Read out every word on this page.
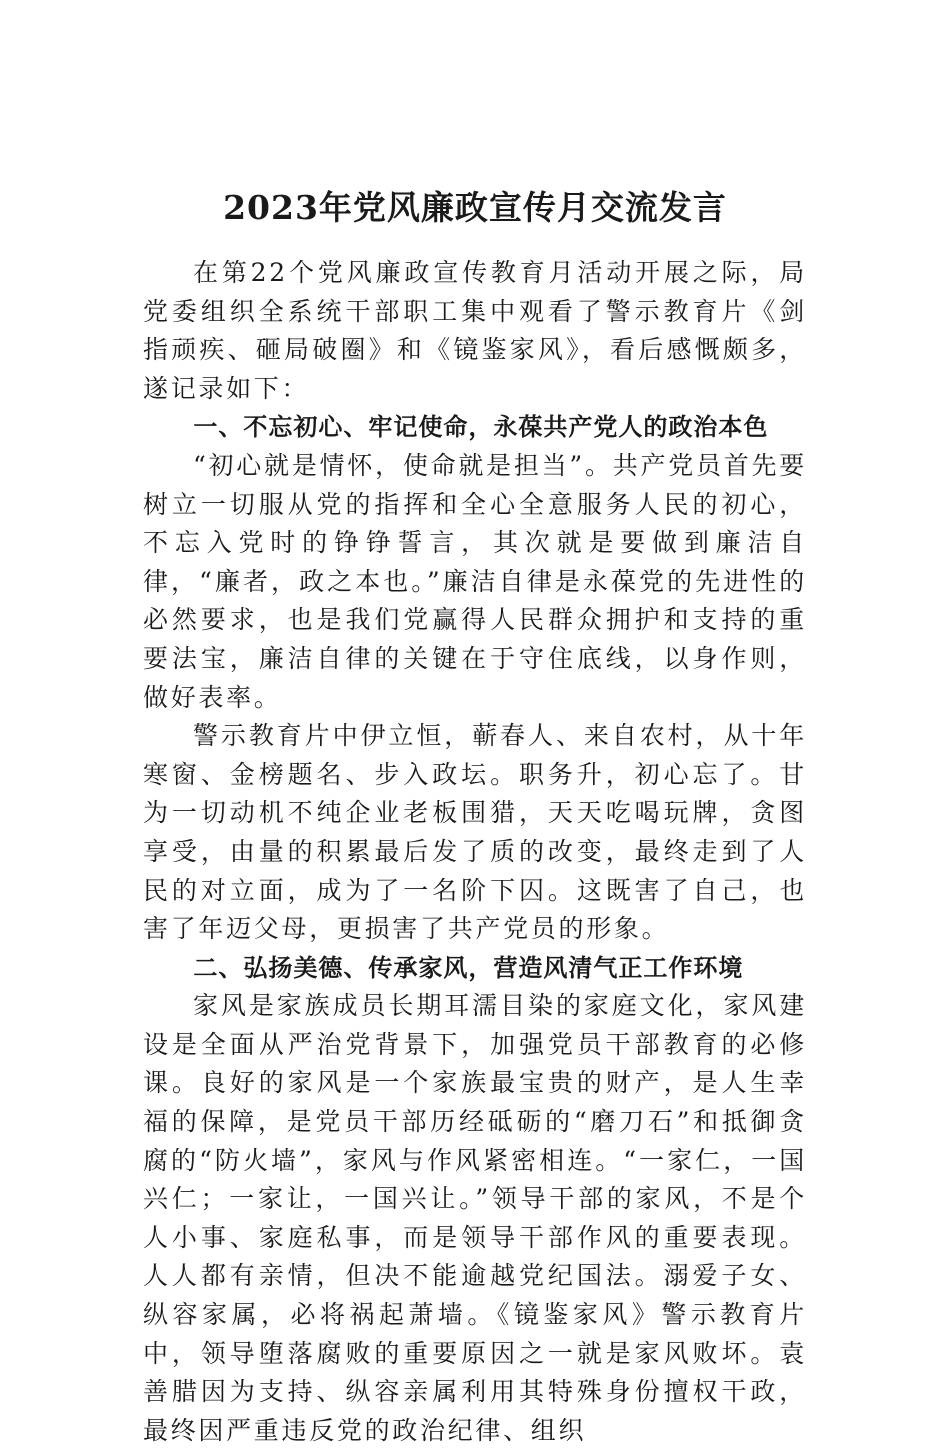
2023年党风廉政宣传月交流发言

在第22个党风廉政宣传教育月活动开展之际，局党委组织全系统干部职工集中观看了警示教育片《剑指顽疾、砸局破圈》和《镜鉴家风》，看后感慨颇多，遂记录如下：

一、不忘初心、牢记使命，永葆共产党人的政治本色

“初心就是情怀，使命就是担当”。共产党员首先要树立一切服从党的指挥和全心全意服务人民的初心，不忘入党时的铮铮誓言，其次就是要做到廉洁自律，“廉者，政之本也。”廉洁自律是永葆党的先进性的必然要求，也是我们党赢得人民群众拥护和支持的重要法宝，廉洁自律的关键在于守住底线，以身作则，做好表率。

警示教育片中伊立恒，蕲春人、来自农村，从十年寒窗、金榜题名、步入政坛。职务升，初心忘了。甘为一切动机不纯企业老板围猎，天天吃喝玩牌，贪图享受，由量的积累最后发了质的改变，最终走到了人民的对立面，成为了一名阶下囚。这既害了自己，也害了年迈父母，更损害了共产党员的形象。

二、弘扬美德、传承家风，营造风清气正工作环境

家风是家族成员长期耳濡目染的家庭文化，家风建设是全面从严治党背景下，加强党员干部教育的必修课。良好的家风是一个家族最宝贵的财产，是人生幸福的保障，是党员干部历经砥砺的“磨刀石”和抵御贪腐的“防火墙”，家风与作风紧密相连。“一家仁，一国兴仁；一家让，一国兴让。”领导干部的家风，不是个人小事、家庭私事，而是领导干部作风的重要表现。人人都有亲情，但决不能逾越党纪国法。溺爱子女、纵容家属，必将祸起萧墙。《镜鉴家风》警示教育片中，领导堕落腐败的重要原因之一就是家风败坏。袁善腊因为支持、纵容亲属利用其特殊身份擅权干政，最终因严重违反党的政治纪律、组织
